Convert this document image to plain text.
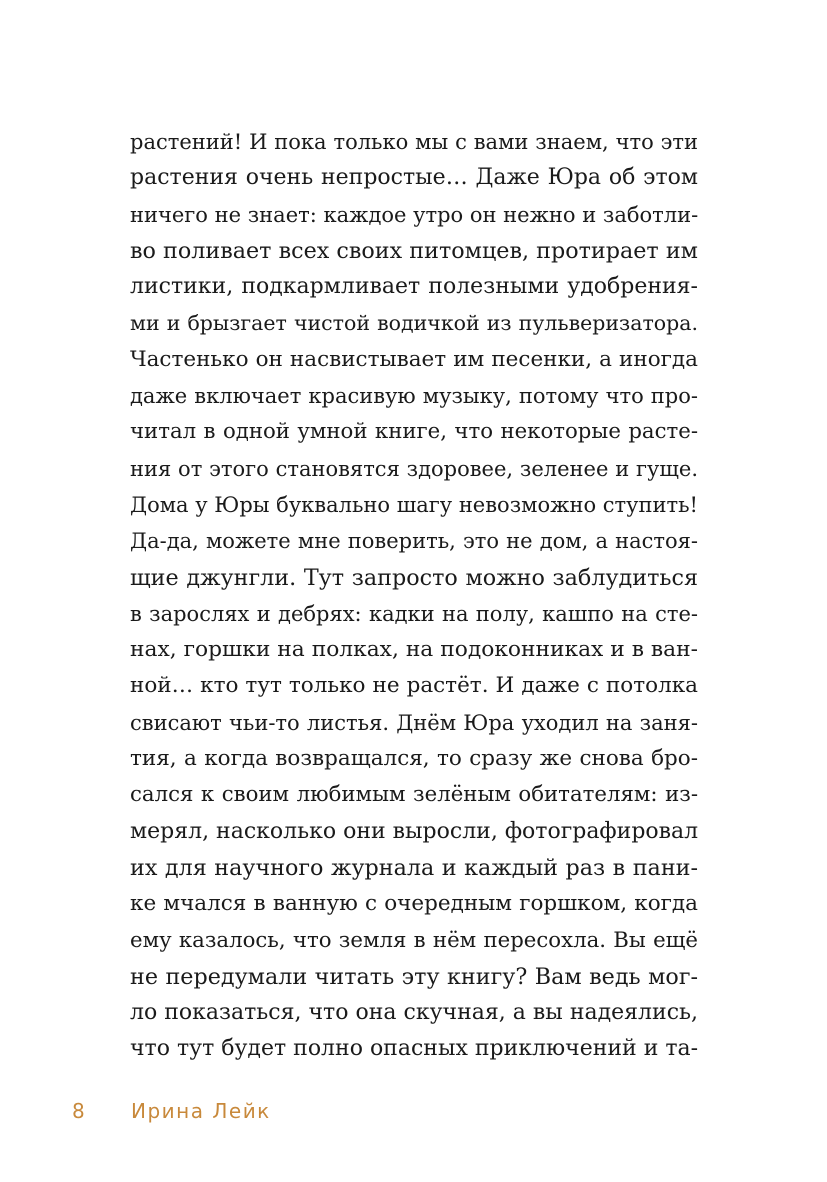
растений! И пока только мы с вами знаем, что эти
растения очень непростые… Даже Юра об этом
ничего не знает: каждое утро он нежно и заботли-
во поливает всех своих питомцев, протирает им
листики, подкармливает полезными удобрения-
ми и брызгает чистой водичкой из пульверизатора.
Частенько он насвистывает им песенки, а иногда
даже включает красивую музыку, потому что про-
читал в одной умной книге, что некоторые расте-
ния от этого становятся здоровее, зеленее и гуще.
Дома у Юры буквально шагу невозможно ступить!
Да-да, можете мне поверить, это не дом, а настоя-
щие джунгли. Тут запросто можно заблудиться
в зарослях и дебрях: кадки на полу, кашпо на сте-
нах, горшки на полках, на подоконниках и в ван-
ной… кто тут только не растёт. И даже с потолка
свисают чьи-то листья. Днём Юра уходил на заня-
тия, а когда возвращался, то сразу же снова бро-
сался к своим любимым зелёным обитателям: из-
мерял, насколько они выросли, фотографировал
их для научного журнала и каждый раз в пани-
ке мчался в ванную с очередным горшком, когда
ему казалось, что земля в нём пересохла. Вы ещё
не передумали читать эту книгу? Вам ведь мог-
ло показаться, что она скучная, а вы надеялись,
что тут будет полно опасных приключений и та-
8 Ирина Лейк
